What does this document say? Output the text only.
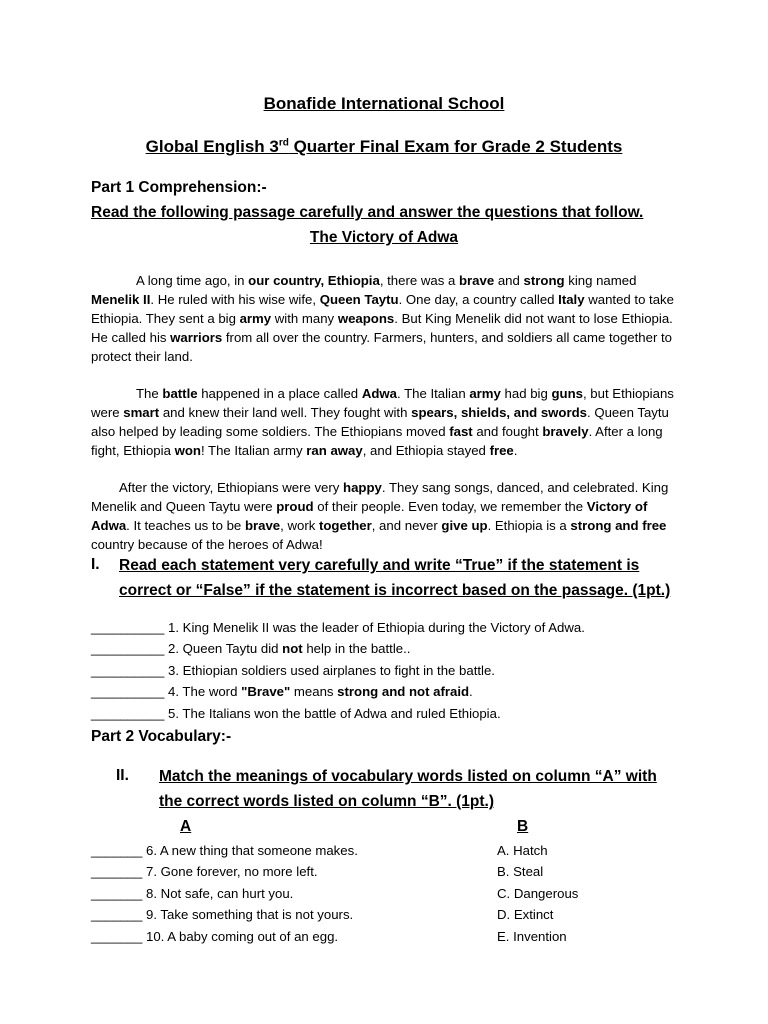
Bonafide International School
Global English 3rd Quarter Final Exam for Grade 2 Students
Part 1 Comprehension:-
Read the following passage carefully and answer the questions that follow.
The Victory of Adwa
A long time ago, in our country, Ethiopia, there was a brave and strong king named Menelik II. He ruled with his wise wife, Queen Taytu. One day, a country called Italy wanted to take Ethiopia. They sent a big army with many weapons. But King Menelik did not want to lose Ethiopia. He called his warriors from all over the country. Farmers, hunters, and soldiers all came together to protect their land.
The battle happened in a place called Adwa. The Italian army had big guns, but Ethiopians were smart and knew their land well. They fought with spears, shields, and swords. Queen Taytu also helped by leading some soldiers. The Ethiopians moved fast and fought bravely. After a long fight, Ethiopia won! The Italian army ran away, and Ethiopia stayed free.
After the victory, Ethiopians were very happy. They sang songs, danced, and celebrated. King Menelik and Queen Taytu were proud of their people. Even today, we remember the Victory of Adwa. It teaches us to be brave, work together, and never give up. Ethiopia is a strong and free country because of the heroes of Adwa!
I. Read each statement very carefully and write “True” if the statement is correct or “False” if the statement is incorrect based on the passage. (1pt.)
__________ 1. King Menelik II was the leader of Ethiopia during the Victory of Adwa.
__________ 2. Queen Taytu did not help in the battle..
__________ 3. Ethiopian soldiers used airplanes to fight in the battle.
__________ 4. The word "Brave" means strong and not afraid.
__________ 5. The Italians won the battle of Adwa and ruled Ethiopia.
Part 2 Vocabulary:-
II. Match the meanings of vocabulary words listed on column “A” with the correct words listed on column “B”. (1pt.)
A	B
_______ 6. A new thing that someone makes.
_______ 7. Gone forever, no more left.
_______ 8. Not safe, can hurt you.
_______ 9. Take something that is not yours.
_______ 10. A baby coming out of an egg.
A. Hatch
B. Steal
C. Dangerous
D. Extinct
E. Invention
